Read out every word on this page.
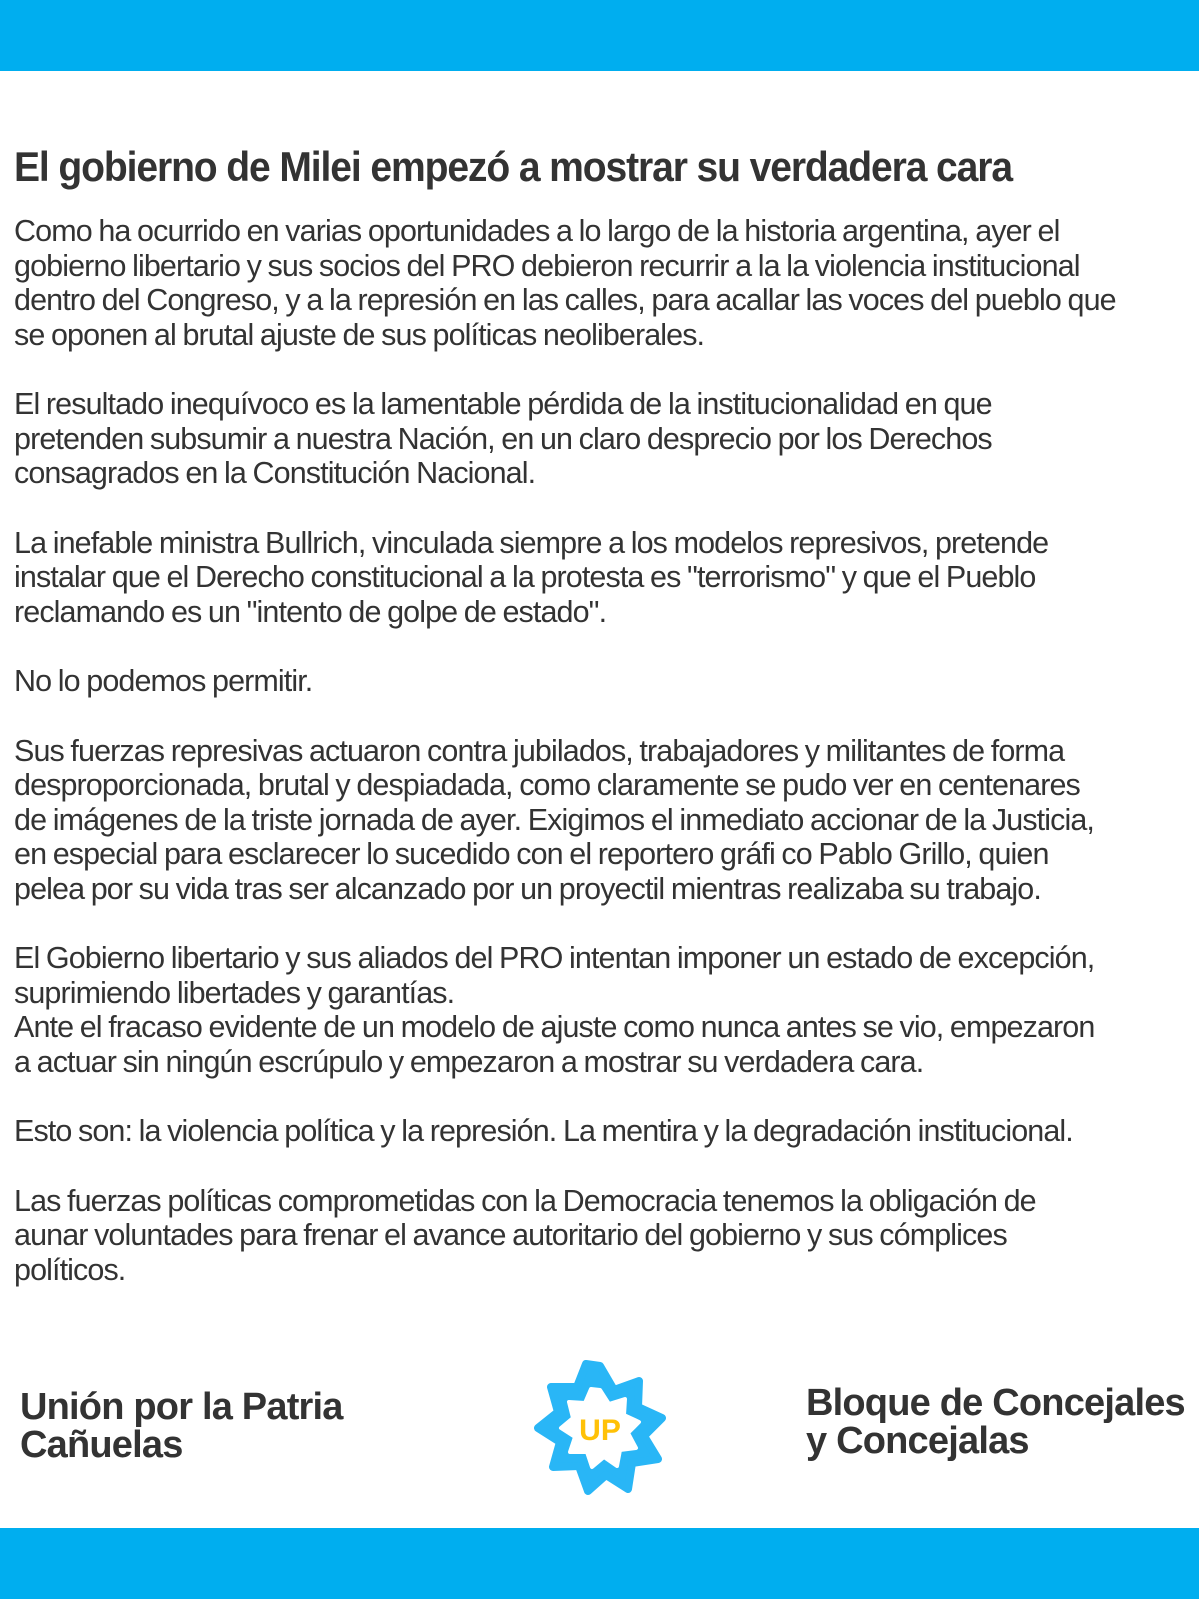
El gobierno de Milei empezó a mostrar su verdadera cara

Como ha ocurrido en varias oportunidades a lo largo de la historia argentina, ayer el
gobierno libertario y sus socios del PRO debieron recurrir a la la violencia institucional
dentro del Congreso, y a la represión en las calles, para acallar las voces del pueblo que
se oponen al brutal ajuste de sus políticas neoliberales.

El resultado inequívoco es la lamentable pérdida de la institucionalidad en que
pretenden subsumir a nuestra Nación, en un claro desprecio por los Derechos
consagrados en la Constitución Nacional.

La inefable ministra Bullrich, vinculada siempre a los modelos represivos, pretende
instalar que el Derecho constitucional a la protesta es "terrorismo" y que el Pueblo
reclamando es un "intento de golpe de estado".

No lo podemos permitir.

Sus fuerzas represivas actuaron contra jubilados, trabajadores y militantes de forma
desproporcionada, brutal y despiadada, como claramente se pudo ver en centenares
de imágenes de la triste jornada de ayer. Exigimos el inmediato accionar de la Justicia,
en especial para esclarecer lo sucedido con el reportero gráfi co Pablo Grillo, quien
pelea por su vida tras ser alcanzado por un proyectil mientras realizaba su trabajo.

El Gobierno libertario y sus aliados del PRO intentan imponer un estado de excepción,
suprimiendo libertades y garantías.
Ante el fracaso evidente de un modelo de ajuste como nunca antes se vio, empezaron
a actuar sin ningún escrúpulo y empezaron a mostrar su verdadera cara.

Esto son: la violencia política y la represión. La mentira y la degradación institucional.

Las fuerzas políticas comprometidas con la Democracia tenemos la obligación de
aunar voluntades para frenar el avance autoritario del gobierno y sus cómplices
políticos.

Unión por la Patria
Cañuelas	UP
Bloque de Concejales
y Concejalas
